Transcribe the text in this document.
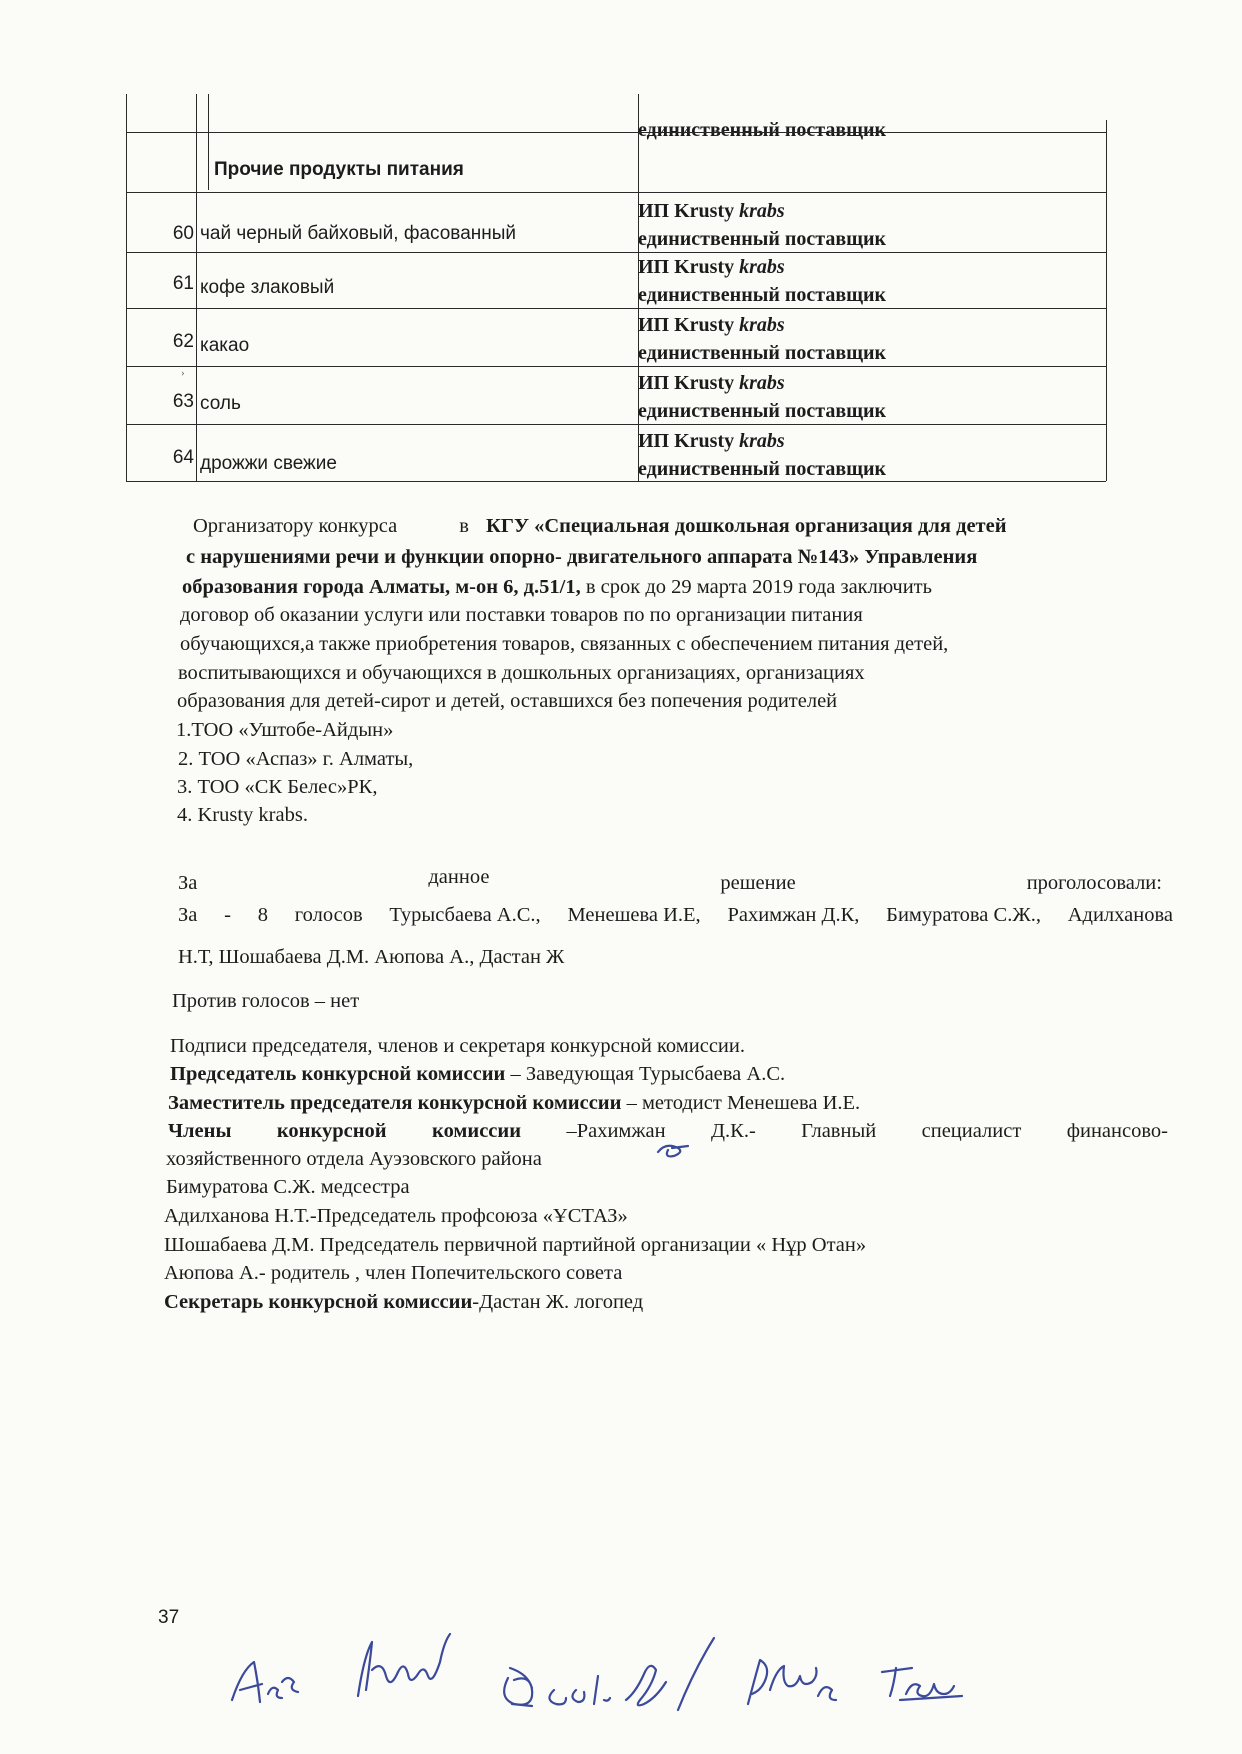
единиственный поставщик
Прочие продукты питания
60 чай черный байховый, фасованный
ИП Krusty krabs
единиственный поставщик
61 кофе злаковый
ИП Krusty krabs
единиственный поставщик
62 какао
ИП Krusty krabs
единиственный поставщик
63 соль
ИП Krusty krabs
единиственный поставщик
64 дрожжи свежие
ИП Krusty krabs
единиственный поставщик
Организатору конкурса	в КГУ «Специальная дошкольная организация для детей
с нарушениями речи и функции опорно- двигательного аппарата №143» Управления
образования города Алматы, м-он 6, д.51/1, в срок до 29 марта 2019 года заключить
договор об оказании услуги или поставки товаров по по организации питания
обучающихся,а также приобретения товаров, связанных с обеспечением питания детей,
воспитывающихся и обучающихся в дошкольных организациях, организациях
образования для детей-сирот и детей, оставшихся без попечения родителей
1.ТОО «Уштобе-Айдын»
2. ТОО «Аспаз» г. Алматы,
3. ТОО «СК Белес»РК,
4. Krusty krabs.
За	данное	решение	проголосовали:
За - 8 голосов Турысбаева А.С., Менешева И.Е, Рахимжан Д.К, Бимуратова С.Ж., Адилханова
Н.Т, Шошабаева Д.М. Аюпова А., Дастан Ж
Против голосов – нет
Подписи председателя, членов и секретаря конкурсной комиссии.
Председатель конкурсной комиссии – Заведующая Турысбаева А.С.
Заместитель председателя конкурсной комиссии – методист Менешева И.Е.
Члены конкурсной комиссии –Рахимжан Д.К.- Главный специалист финансово-
хозяйственного отдела Ауэзовского района
Бимуратова С.Ж. медсестра
Адилханова Н.Т.-Председатель профсоюза «ҰСТАЗ»
Шошабаева Д.М. Председатель первичной партийной организации « Нұр Отан»
Аюпова А.- родитель , член Попечительского совета
Секретарь конкурсной комиссии-Дастан Ж. логопед
›
37
